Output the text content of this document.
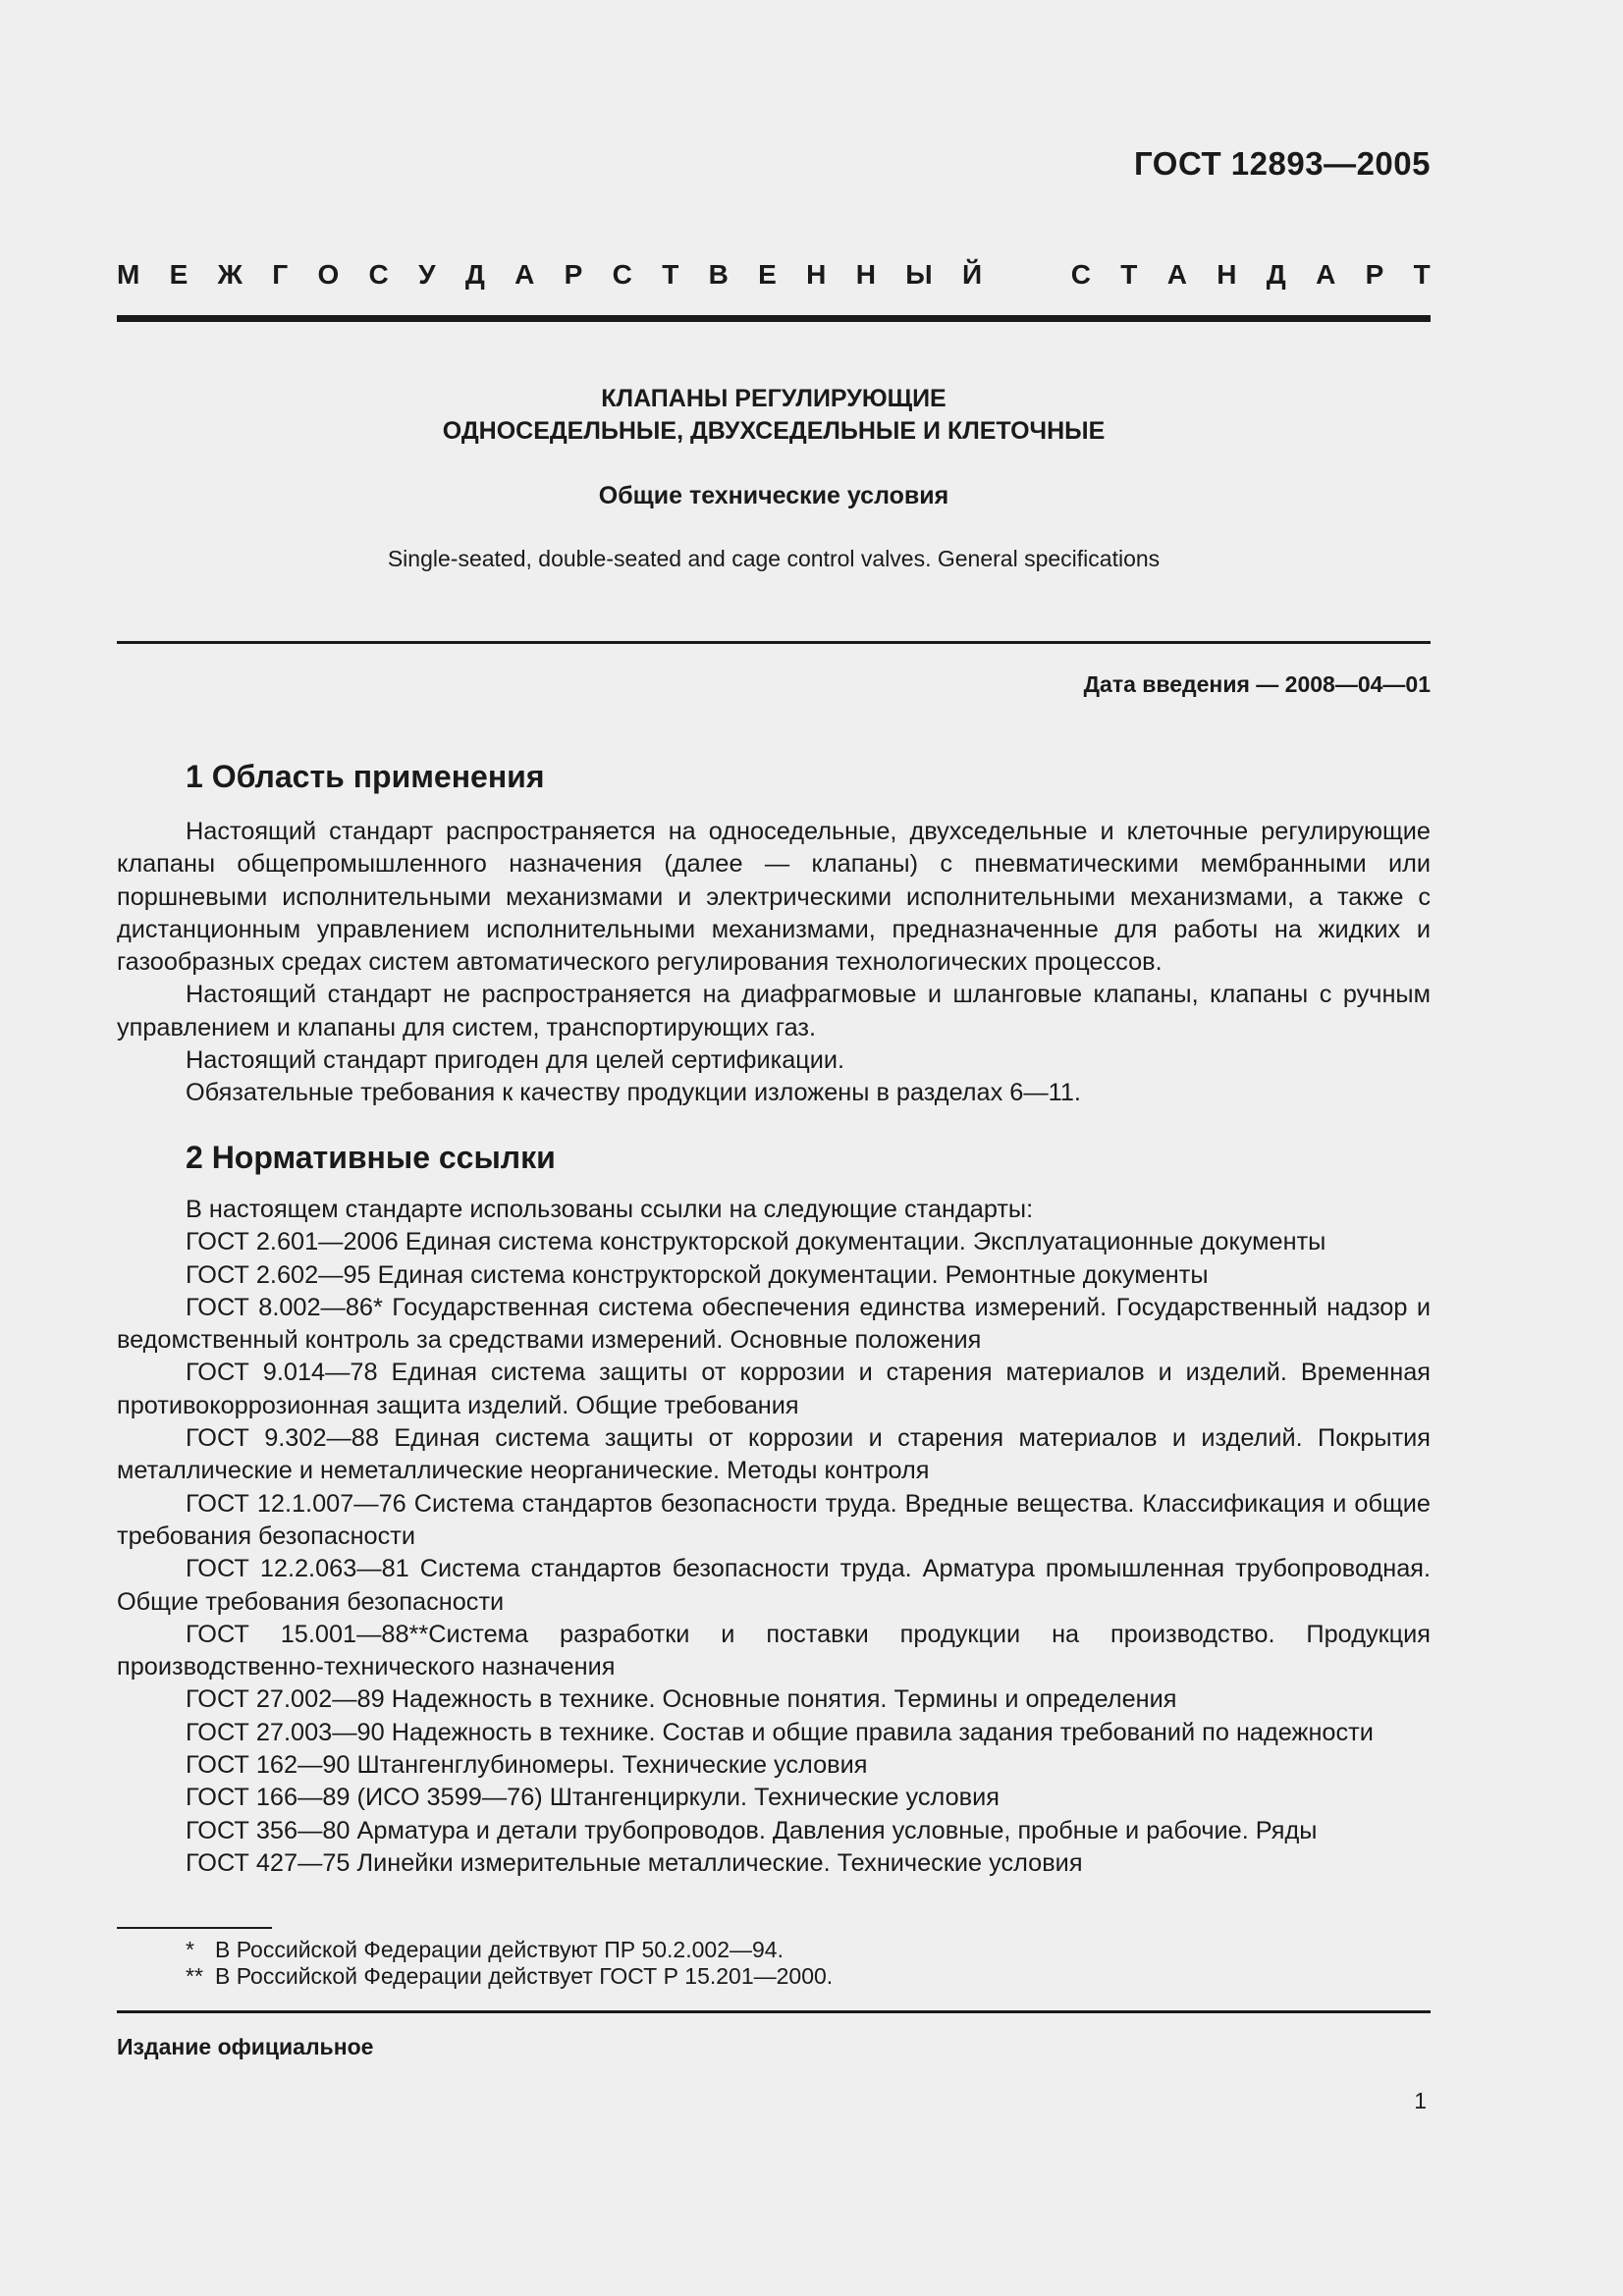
ГОСТ 12893—2005
М Е Ж Г О С У Д А Р С Т В Е Н Н Ы Й	С Т А Н Д А Р Т
КЛАПАНЫ РЕГУЛИРУЮЩИЕ
ОДНОСЕДЕЛЬНЫЕ, ДВУХСЕДЕЛЬНЫЕ И КЛЕТОЧНЫЕ
Общие технические условия
Single-seated, double-seated and cage control valves. General specifications
Дата введения — 2008—04—01
1 Область применения

Настоящий стандарт распространяется на односедельные, двухседельные и клеточные регулирующие клапаны общепромышленного назначения (далее — клапаны) с пневматическими мембранными или поршневыми исполнительными механизмами и электрическими исполнительными механизмами, а также с дистанционным управлением исполнительными механизмами, предназначенные для работы на жидких и газообразных средах систем автоматического регулирования технологических процессов.

Настоящий стандарт не распространяется на диафрагмовые и шланговые клапаны, клапаны с ручным управлением и клапаны для систем, транспортирующих газ.

Настоящий стандарт пригоден для целей сертификации.

Обязательные требования к качеству продукции изложены в разделах 6—11.

2 Нормативные ссылки

В настоящем стандарте использованы ссылки на следующие стандарты:

ГОСТ 2.601—2006 Единая система конструкторской документации. Эксплуатационные документы

ГОСТ 2.602—95 Единая система конструкторской документации. Ремонтные документы

ГОСТ 8.002—86* Государственная система обеспечения единства измерений. Государственный надзор и ведомственный контроль за средствами измерений. Основные положения

ГОСТ 9.014—78 Единая система защиты от коррозии и старения материалов и изделий. Временная противокоррозионная защита изделий. Общие требования

ГОСТ 9.302—88 Единая система защиты от коррозии и старения материалов и изделий. Покрытия металлические и неметаллические неорганические. Методы контроля

ГОСТ 12.1.007—76 Система стандартов безопасности труда. Вредные вещества. Классификация и общие требования безопасности

ГОСТ 12.2.063—81 Система стандартов безопасности труда. Арматура промышленная трубопроводная. Общие требования безопасности

ГОСТ 15.001—88**Система разработки и поставки продукции на производство. Продукция производственно-технического назначения

ГОСТ 27.002—89 Надежность в технике. Основные понятия. Термины и определения

ГОСТ 27.003—90 Надежность в технике. Состав и общие правила задания требований по надежности

ГОСТ 162—90 Штангенглубиномеры. Технические условия

ГОСТ 166—89 (ИСО 3599—76) Штангенциркули. Технические условия

ГОСТ 356—80 Арматура и детали трубопроводов. Давления условные, пробные и рабочие. Ряды

ГОСТ 427—75 Линейки измерительные металлические. Технические условия

* В Российской Федерации действуют ПР 50.2.002—94.
** В Российской Федерации действует ГОСТ Р 15.201—2000.
Издание официальное
1
